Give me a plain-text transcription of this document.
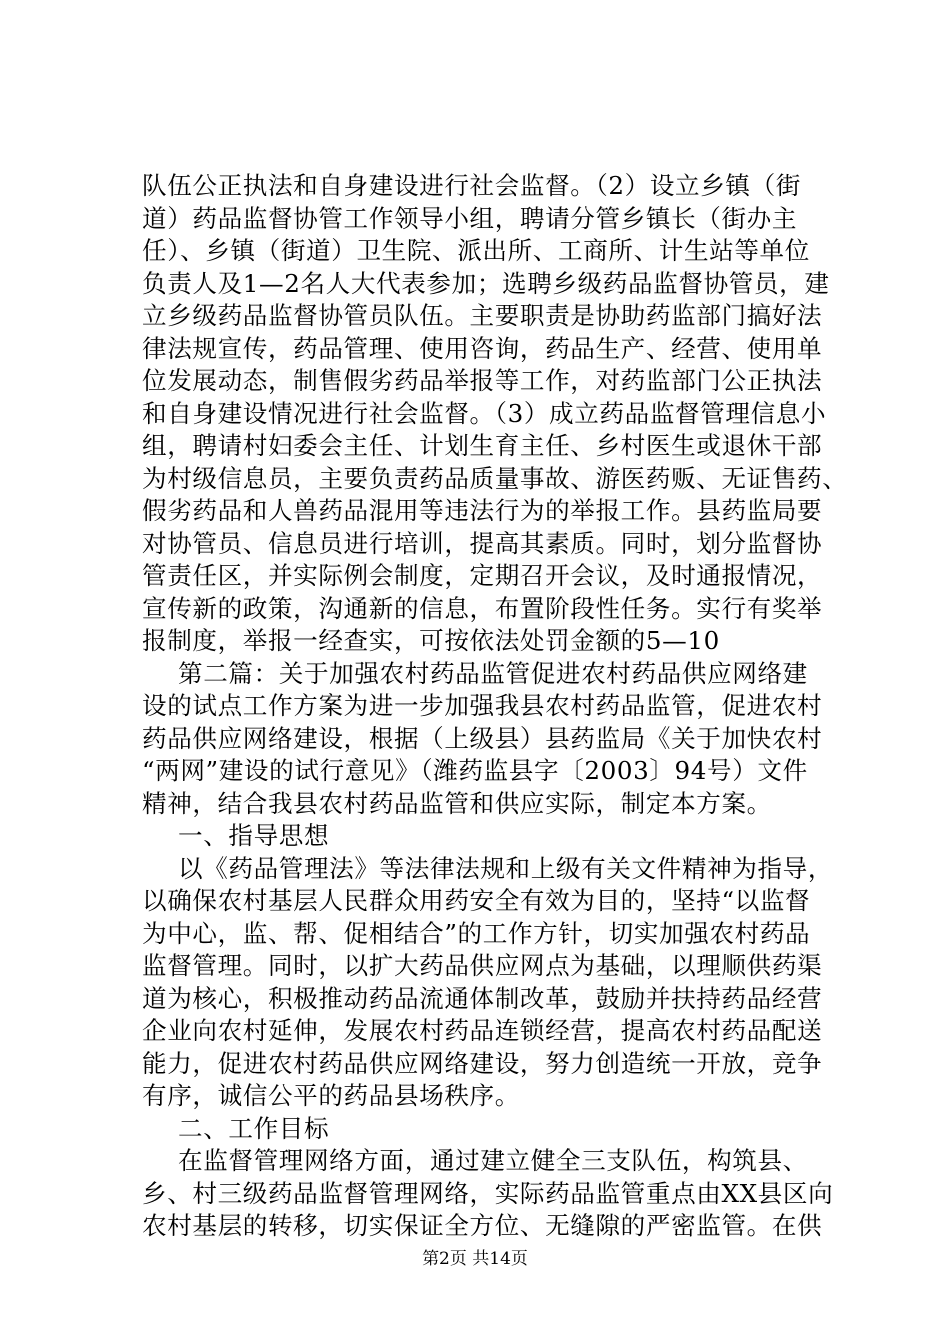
队伍公正执法和自身建设进行社会监督。（2）设立乡镇（街
道）药品监督协管工作领导小组，聘请分管乡镇长（街办主
任）、乡镇（街道）卫生院、派出所、工商所、计生站等单位
负责人及1—2名人大代表参加；选聘乡级药品监督协管员，建
立乡级药品监督协管员队伍。主要职责是协助药监部门搞好法
律法规宣传，药品管理、使用咨询，药品生产、经营、使用单
位发展动态，制售假劣药品举报等工作，对药监部门公正执法
和自身建设情况进行社会监督。（3）成立药品监督管理信息小
组，聘请村妇委会主任、计划生育主任、乡村医生或退休干部
为村级信息员，主要负责药品质量事故、游医药贩、无证售药、
假劣药品和人兽药品混用等违法行为的举报工作。县药监局要
对协管员、信息员进行培训，提高其素质。同时，划分监督协
管责任区，并实际例会制度，定期召开会议，及时通报情况，
宣传新的政策，沟通新的信息，布置阶段性任务。实行有奖举
报制度，举报一经查实，可按依法处罚金额的5—10
第二篇：关于加强农村药品监管促进农村药品供应网络建
设的试点工作方案为进一步加强我县农村药品监管，促进农村
药品供应网络建设，根据（上级县）县药监局《关于加快农村
“两网”建设的试行意见》（潍药监县字〔2003〕94号）文件
精神，结合我县农村药品监管和供应实际，制定本方案。
一、指导思想
以《药品管理法》等法律法规和上级有关文件精神为指导，
以确保农村基层人民群众用药安全有效为目的，坚持“以监督
为中心，监、帮、促相结合”的工作方针，切实加强农村药品
监督管理。同时，以扩大药品供应网点为基础，以理顺供药渠
道为核心，积极推动药品流通体制改革，鼓励并扶持药品经营
企业向农村延伸，发展农村药品连锁经营，提高农村药品配送
能力，促进农村药品供应网络建设，努力创造统一开放，竞争
有序，诚信公平的药品县场秩序。
二、工作目标
在监督管理网络方面，通过建立健全三支队伍，构筑县、
乡、村三级药品监督管理网络，实际药品监管重点由XX县区向
农村基层的转移，切实保证全方位、无缝隙的严密监管。在供
第2页 共14页
